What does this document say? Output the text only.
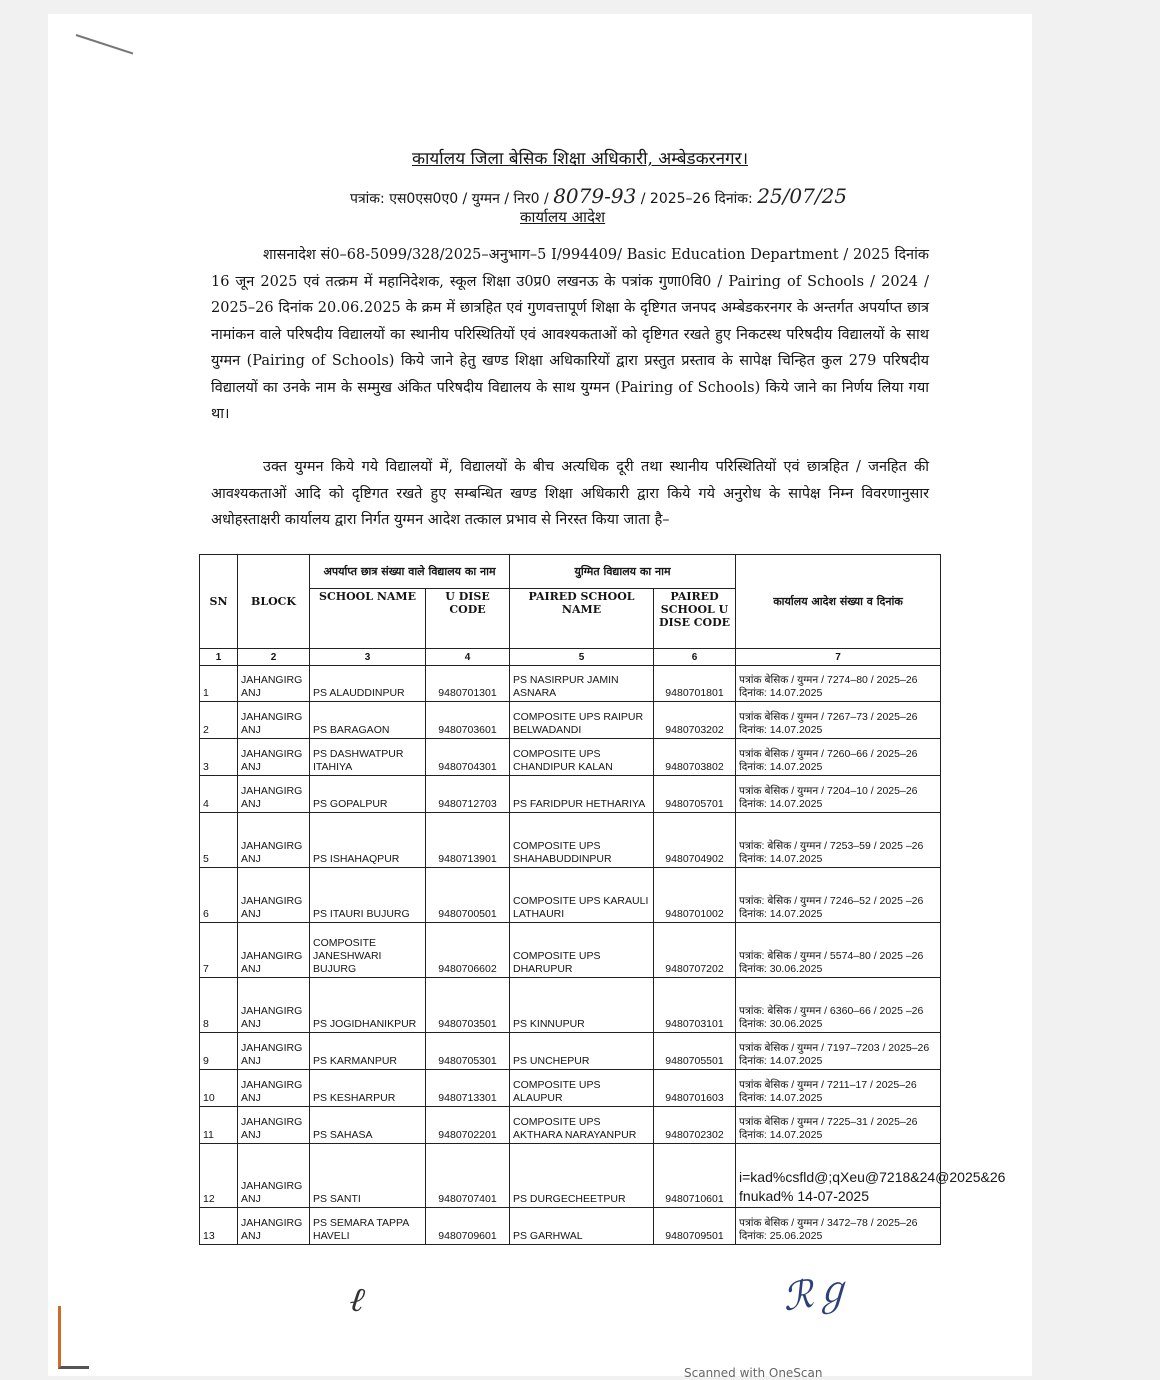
कार्यालय जिला बेसिक शिक्षा अधिकारी, अम्बेडकरनगर।
पत्रांक: एस0एस0ए0 / युग्मन / निर0 / 8079-93 / 2025–26 दिनांक: 25/07/25
कार्यालय आदेश
शासनादेश सं0–68-5099/328/2025–अनुभाग–5 I/994409/ Basic Education Department / 2025 दिनांक 16 जून 2025 एवं तत्क्रम में महानिदेशक, स्कूल शिक्षा उ0प्र0 लखनऊ के पत्रांक गुणा0वि0 / Pairing of Schools / 2024 / 2025–26 दिनांक 20.06.2025 के क्रम में छात्रहित एवं गुणवत्तापूर्ण शिक्षा के दृष्टिगत जनपद अम्बेडकरनगर के अन्तर्गत अपर्याप्त छात्र नामांकन वाले परिषदीय विद्यालयों का स्थानीय परिस्थितियों एवं आवश्यकताओं को दृष्टिगत रखते हुए निकटस्थ परिषदीय विद्यालयों के साथ युग्मन (Pairing of Schools) किये जाने हेतु खण्ड शिक्षा अधिकारियों द्वारा प्रस्तुत प्रस्ताव के सापेक्ष चिन्हित कुल 279 परिषदीय विद्यालयों का उनके नाम के सम्मुख अंकित परिषदीय विद्यालय के साथ युग्मन (Pairing of Schools) किये जाने का निर्णय लिया गया था।
उक्त युग्मन किये गये विद्यालयों में, विद्यालयों के बीच अत्यधिक दूरी तथा स्थानीय परिस्थितियों एवं छात्रहित / जनहित की आवश्यकताओं आदि को दृष्टिगत रखते हुए सम्बन्धित खण्ड शिक्षा अधिकारी द्वारा किये गये अनुरोध के सापेक्ष निम्न विवरणानुसार अधोहस्ताक्षरी कार्यालय द्वारा निर्गत युग्मन आदेश तत्काल प्रभाव से निरस्त किया जाता है–
SN	BLOCK	अपर्याप्त छात्र संख्या वाले विद्यालय का नाम		युग्मित विद्यालय का नाम		कार्यालय आदेश संख्या व दिनांक
		SCHOOL NAME	U DISE CODE	PAIRED SCHOOL NAME	PAIRED SCHOOL U DISE CODE	
1	2	3	4	5	6	7
1	JAHANGIRG ANJ	PS ALAUDDINPUR	9480701301	PS NASIRPUR JAMIN ASNARA	9480701801	पत्रांक बेसिक / युग्मन / 7274–80 / 2025–26 दिनांक: 14.07.2025
2	JAHANGIRG ANJ	PS BARAGAON	9480703601	COMPOSITE UPS RAIPUR BELWADANDI	9480703202	पत्रांक बेसिक / युग्मन / 7267–73 / 2025–26 दिनांक: 14.07.2025
3	JAHANGIRG ANJ	PS DASHWATPUR ITAHIYA	9480704301	COMPOSITE UPS CHANDIPUR KALAN	9480703802	पत्रांक बेसिक / युग्मन / 7260–66 / 2025–26 दिनांक: 14.07.2025
4	JAHANGIRG ANJ	PS GOPALPUR	9480712703	PS FARIDPUR HETHARIYA	9480705701	पत्रांक बेसिक / युग्मन / 7204–10 / 2025–26 दिनांक: 14.07.2025
5	JAHANGIRG ANJ	PS ISHAHAQPUR	9480713901	COMPOSITE UPS SHAHABUDDINPUR	9480704902	पत्रांक: बेसिक / युग्मन / 7253–59 / 2025 –26 दिनांक: 14.07.2025
6	JAHANGIRG ANJ	PS ITAURI BUJURG	9480700501	COMPOSITE UPS KARAULI LATHAURI	9480701002	पत्रांक: बेसिक / युग्मन / 7246–52 / 2025 –26 दिनांक: 14.07.2025
7	JAHANGIRG ANJ	COMPOSITE JANESHWARI BUJURG	9480706602	COMPOSITE UPS DHARUPUR	9480707202	पत्रांक: बेसिक / युग्मन / 5574–80 / 2025 –26 दिनांक: 30.06.2025
8	JAHANGIRG ANJ	PS JOGIDHANIKPUR	9480703501	PS KINNUPUR	9480703101	पत्रांक: बेसिक / युग्मन / 6360–66 / 2025 –26 दिनांक: 30.06.2025
9	JAHANGIRG ANJ	PS KARMANPUR	9480705301	PS UNCHEPUR	9480705501	पत्रांक बेसिक / युग्मन / 7197–7203 / 2025–26 दिनांक: 14.07.2025
10	JAHANGIRG ANJ	PS KESHARPUR	9480713301	COMPOSITE UPS ALAUPUR	9480701603	पत्रांक बेसिक / युग्मन / 7211–17 / 2025–26 दिनांक: 14.07.2025
11	JAHANGIRG ANJ	PS SAHASA	9480702201	COMPOSITE UPS AKTHARA NARAYANPUR	9480702302	पत्रांक बेसिक / युग्मन / 7225–31 / 2025–26 दिनांक: 14.07.2025
12	JAHANGIRG ANJ	PS SANTI	9480707401	PS DURGECHEETPUR	9480710601	i=kad%csfld@;qXeu@7218&24@2025&26 fnukad% 14-07-2025
13	JAHANGIRG ANJ	PS SEMARA TAPPA HAVELI	9480709601	PS GARHWAL	9480709501	पत्रांक बेसिक / युग्मन / 3472–78 / 2025–26 दिनांक: 25.06.2025
ℓ	ℛℊ
Scanned with OneScan
